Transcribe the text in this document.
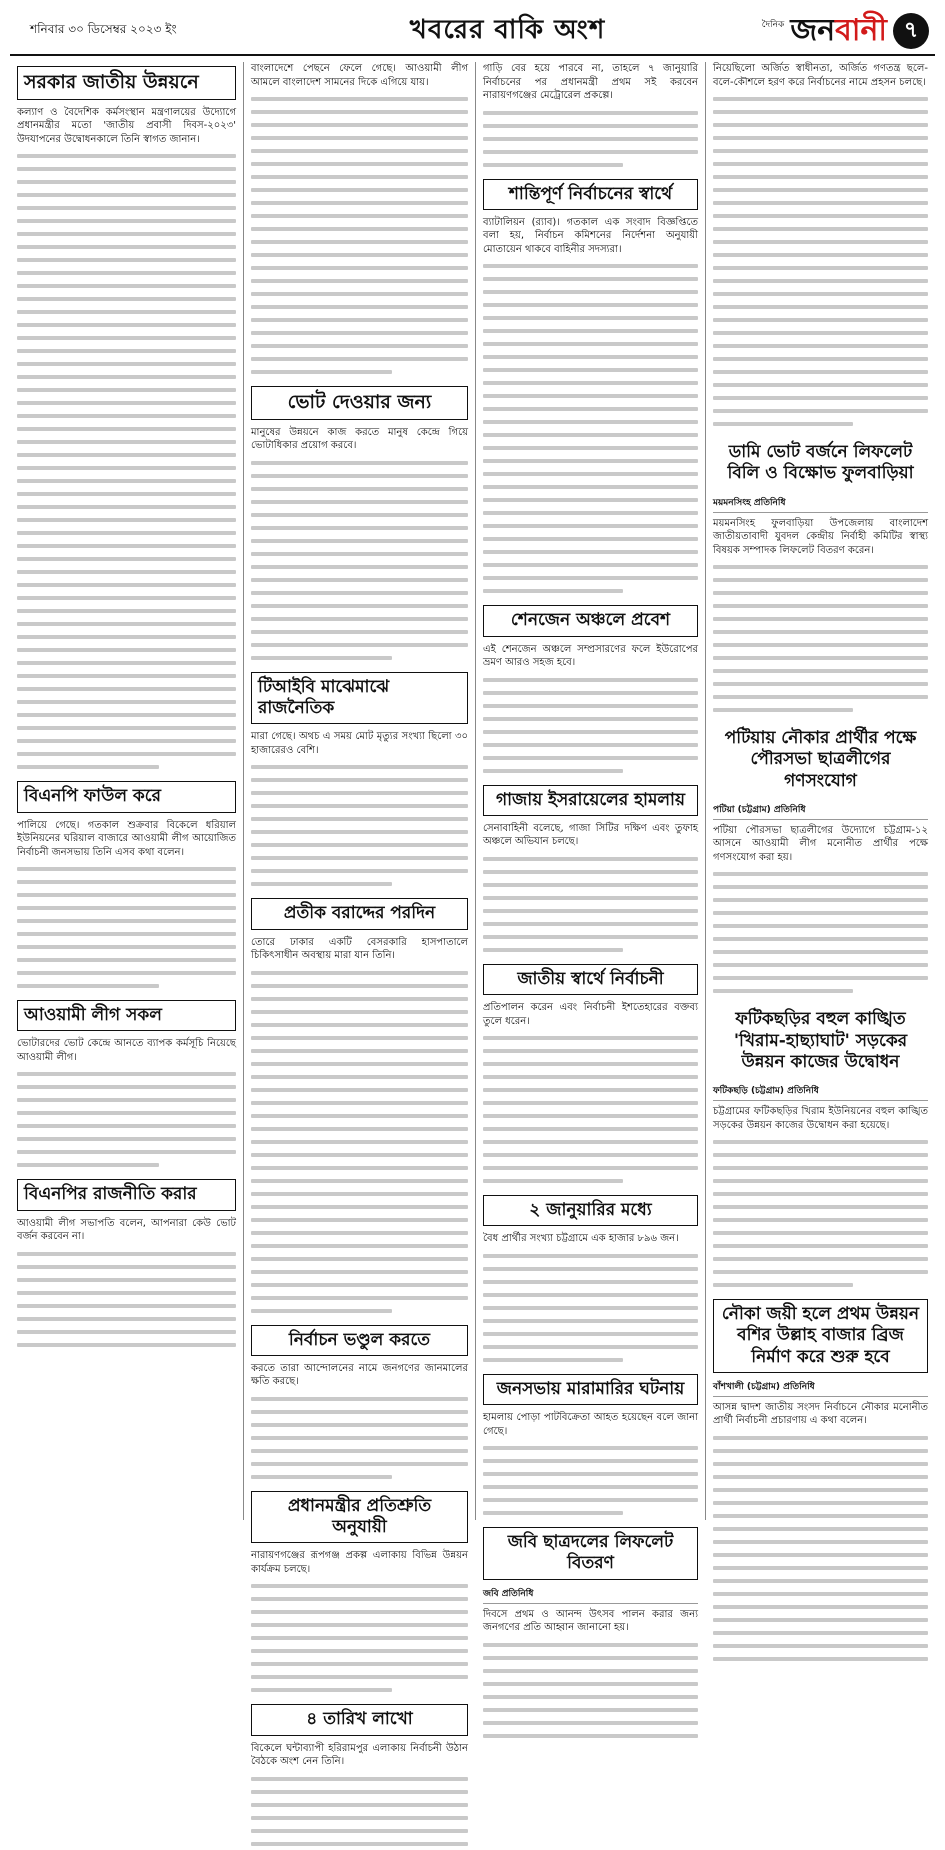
শনিবার ৩০ ডিসেম্বর ২০২৩ ইং	খবরের বাকি অংশ	দৈনিক জনবানী ৭
সরকার জাতীয় উন্নয়নে

কল্যাণ ও বৈদেশিক কর্মসংস্থান মন্ত্রণালয়ের উদ্যোগে প্রধানমন্ত্রীর মতো 'জাতীয় প্রবাসী দিবস-২০২৩' উদযাপনের উদ্বোধনকালে তিনি স্বাগত জানান।

বিএনপি ফাউল করে

পালিয়ে গেছে। গতকাল শুক্রবার বিকেলে ধরিয়াল ইউনিয়নের ঘরিয়াল বাজারে আওয়ামী লীগ আয়োজিত নির্বাচনী জনসভায় তিনি এসব কথা বলেন।

আওয়ামী লীগ সকল

ভোটারদের ভোট কেন্দ্রে আনতে ব্যাপক কর্মসূচি নিয়েছে আওয়ামী লীগ।

বিএনপির রাজনীতি করার

আওয়ামী লীগ সভাপতি বলেন, আপনারা কেউ ভোট বর্জন করবেন না।

বাংলাদেশে পেছনে ফেলে গেছে। আওয়ামী লীগ আমলে বাংলাদেশ সামনের দিকে এগিয়ে যায়।

ভোট দেওয়ার জন্য

মানুষের উন্নয়নে কাজ করতে মানুষ কেন্দ্রে গিয়ে ভোটাধিকার প্রয়োগ করবে।

টিআইবি মাঝেমাঝে রাজনৈতিক

মারা গেছে। অথচ এ সময় মোট মৃত্যুর সংখ্যা ছিলো ৩০ হাজারেরও বেশি।

প্রতীক বরাদ্দের পরদিন

তোরে ঢাকার একটি বেসরকারি হাসপাতালে চিকিৎসাধীন অবস্থায় মারা যান তিনি।

নির্বাচন ভণ্ডুল করতে

করতে তারা আন্দোলনের নামে জনগণের জানমালের ক্ষতি করছে।

প্রধানমন্ত্রীর প্রতিশ্রুতি অনুযায়ী

নারায়ণগঞ্জের রূপগঞ্জ প্রকল্প এলাকায় বিভিন্ন উন্নয়ন কার্যক্রম চলছে।

৪ তারিখ লাখো

বিকেলে ঘন্টাব্যাপী হরিরামপুর এলাকায় নির্বাচনী উঠান বৈঠকে অংশ নেন তিনি।

গাড়ি বের হয়ে পারবে না, তাহলে ৭ জানুয়ারি নির্বাচনের পর প্রধানমন্ত্রী প্রথম সই করবেন নারায়ণগঞ্জের মেট্রোরেল প্রকল্পে।

শান্তিপূর্ণ নির্বাচনের স্বার্থে

ব্যাটালিয়ন (র‍্যাব)। গতকাল এক সংবাদ বিজ্ঞপ্তিতে বলা হয়, নির্বাচন কমিশনের নির্দেশনা অনুযায়ী মোতায়েন থাকবে বাহিনীর সদস্যরা।

শেনজেন অঞ্চলে প্রবেশ

এই শেনজেন অঞ্চলে সম্প্রসারণের ফলে ইউরোপের ভ্রমণ আরও সহজ হবে।

গাজায় ইসরায়েলের হামলায়

সেনাবাহিনী বলেছে, গাজা সিটির দক্ষিণ এবং তুফাহ অঞ্চলে অভিযান চলছে।

জাতীয় স্বার্থে নির্বাচনী

প্রতিপালন করেন এবং নির্বাচনী ইশতেহারের বক্তব্য তুলে ধরেন।

২ জানুয়ারির মধ্যে

বৈধ প্রার্থীর সংখ্যা চট্টগ্রামে এক হাজার ৮৯৬ জন।

জনসভায় মারামারির ঘটনায়

হামলায় পোড়া পাটবিক্রেতা আহত হয়েছেন বলে জানা গেছে।

জবি ছাত্রদলের লিফলেট বিতরণ
জবি প্রতিনিধি

দিবসে প্রথম ও আনন্দ উৎসব পালন করার জন্য জনগণের প্রতি আহ্বান জানানো হয়।

নিয়েছিলো অর্জিত স্বাধীনতা, অর্জিত গণতন্ত্র ছলে-বলে-কৌশলে হরণ করে নির্বাচনের নামে প্রহসন চলছে।

ডামি ভোট বর্জনে লিফলেট বিলি ও বিক্ষোভ ফুলবাড়িয়া
ময়মনসিংহ প্রতিনিধি

ময়মনসিংহ ফুলবাড়িয়া উপজেলায় বাংলাদেশ জাতীয়তাবাদী যুবদল কেন্দ্রীয় নির্বাহী কমিটির স্বাস্থ্য বিষয়ক সম্পাদক লিফলেট বিতরণ করেন।

পটিয়ায় নৌকার প্রার্থীর পক্ষে পৌরসভা ছাত্রলীগের গণসংযোগ
পটিয়া (চট্টগ্রাম) প্রতিনিধি

পটিয়া পৌরসভা ছাত্রলীগের উদ্যোগে চট্টগ্রাম-১২ আসনে আওয়ামী লীগ মনোনীত প্রার্থীর পক্ষে গণসংযোগ করা হয়।

ফটিকছড়ির বহুল কাঙ্খিত 'খিরাম-হাছ্যাঘাট' সড়কের উন্নয়ন কাজের উদ্বোধন
ফটিকছড়ি (চট্টগ্রাম) প্রতিনিধি

চট্টগ্রামের ফটিকছড়ির খিরাম ইউনিয়নের বহুল কাঙ্খিত সড়কের উন্নয়ন কাজের উদ্বোধন করা হয়েছে।

নৌকা জয়ী হলে প্রথম উন্নয়ন বশির উল্লাহ বাজার ব্রিজ নির্মাণ করে শুরু হবে
বাঁশখালী (চট্টগ্রাম) প্রতিনিধি

আসন্ন দ্বাদশ জাতীয় সংসদ নির্বাচনে নৌকার মনোনীত প্রার্থী নির্বাচনী প্রচারণায় এ কথা বলেন।
